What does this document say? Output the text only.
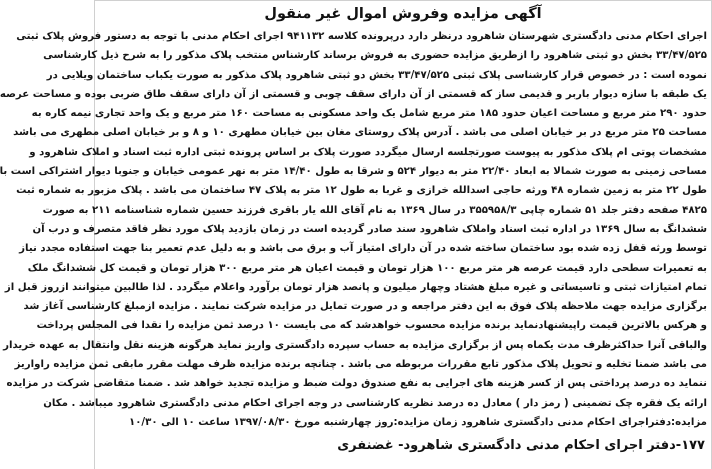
آگهی مزایده وفروش اموال غیر منقول
اجرای احکام مدنی دادگستری شهرستان شاهرود درنظر دارد درپرونده کلاسه ۹۴۱۱۳۲ اجرای احکام مدنی با توجه به دستور فروش پلاک ثبتی
۳۳/۴۷/۵۲۵ بخش دو ثبتی شاهرود را ازطریق مزایده حضوری به فروش برساند کارشناس منتخب پلاک مذکور را به شرح ذیل کارشناسی
نموده است : در خصوص قرار کارشناسی پلاک ثبتی ۳۳/۴۷/۵۲۵ بخش دو ثبتی شاهرود پلاک مذکور به صورت یکباب ساختمان ویلایی در
یک طبقه با سازه دیوار باربر و قدیمی ساز که قسمتی از آن دارای سقف چوبی و قسمتی از آن دارای سقف طاق ضربی بوده و مساحت عرصه
حدود ۲۹۰ متر مربع و مساحت اعیان حدود ۱۸۵ متر مربع شامل یک واحد مسکونی به مساحت ۱۶۰ متر مربع و یک واحد تجاری نیمه کاره به
مساحت ۲۵ متر مربع در بر خیابان اصلی می باشد . آدرس پلاک روستای مغان بین خیابان مطهری ۱۰ و ۸ و بر خیابان اصلی مطهری می باشد
مشخصات پوتی ام پلاک مذکور به پیوست صورتجلسه ارسال میگردد صورت پلاک بر اساس پرونده ثبتی اداره ثبت اسناد و املاک شاهرود و
مساحی زمینی به صورت شمالا به ابعاد ۲۲/۴۰ متر به دیوار ۵۲۴ و شرقا به طول ۱۴/۴۰ متر به نهر عمومی خیابان و جنوبا دیوار اشتراکی است با
طول ۲۲ متر به زمین شماره ۴۸ ورثه حاجی اسدالله خرازی و غربا به طول ۱۲ متر به پلاک ۴۷ ساختمان می باشد . پلاک مزبور به شماره ثبت
۴۸۲۵ صفحه دفتر جلد ۵۱ شماره چاپی ۳۵۵۹۵۸/۳ در سال ۱۳۶۹ به نام آقای الله یار باقری فرزند حسین شماره شناسنامه ۲۱۱ به صورت
ششدانگ به سال ۱۳۶۹ در اداره ثبت اسناد واملاک شاهرود سند صادر گردیده است در زمان بازدید پلاک مورد نظر فاقد متصرف و درب آن
توسط ورثه قفل زده شده بود ساختمان ساخته شده در آن دارای امتیاز آب و برق می باشد و به دلیل عدم تعمیر بنا جهت استفاده مجدد نیاز
به تعمیرات سطحی دارد قیمت عرصه هر متر مربع ۱۰۰ هزار تومان و قیمت اعیان هر متر مربع ۳۰۰ هزار تومان و قیمت کل ششدانگ ملک
تمام امتیازات ثبتی و تاسیساتی و غیره مبلغ هشتاد وچهار میلیون و پانصد هزار تومان برآورد واعلام میگردد . لذا طالبین میتوانند ازروز قبل از
برگزاری مزایده جهت ملاحظه پلاک فوق به این دفتر مراجعه و در صورت تمایل در مزایده شرکت نمایند . مزایده ازمبلغ کارشناسی آغاز شد
و هرکس بالاترین قیمت راپیشنهادنماید برنده مزایده محسوب خواهدشد که می بایست ۱۰ درصد ثمن مزایده را نقدا فی المجلس پرداخت
والباقی آنرا حداکثرظرف مدت یکماه پس از برگزاری مزایده به حساب سپرده دادگستری واریز نماید هرگونه هزینه نقل وانتقال به عهده خریدار
می باشد ضمنا تخلیه و تحویل پلاک مذکور تابع مقررات مربوطه می باشد . چنانچه برنده مزایده ظرف مهلت مقرر مابقی ثمن مزایده راواریز
ننماید ده درصد پرداختی پس از کسر هزینه های اجرایی به نفع صندوق دولت ضبط و مزایده تجدید خواهد شد . ضمنا متقاضی شرکت در مزایده
ارائه یک فقره چک تضمینی ( رمز دار ) معادل ده درصد نظریه کارشناسی در وجه اجرای احکام مدنی دادگستری شاهرود میباشد . مکان
مزایده:دفتراجرای احکام مدنی دادگستری شاهرود زمان مزایده:روز چهارشنبه مورخ ۱۳۹۷/۰۸/۳۰ ساعت ۱۰ الی ۱۰/۳۰
۱۷۷-دفتر اجرای احکام مدنی دادگستری شاهرود- غضنفری
